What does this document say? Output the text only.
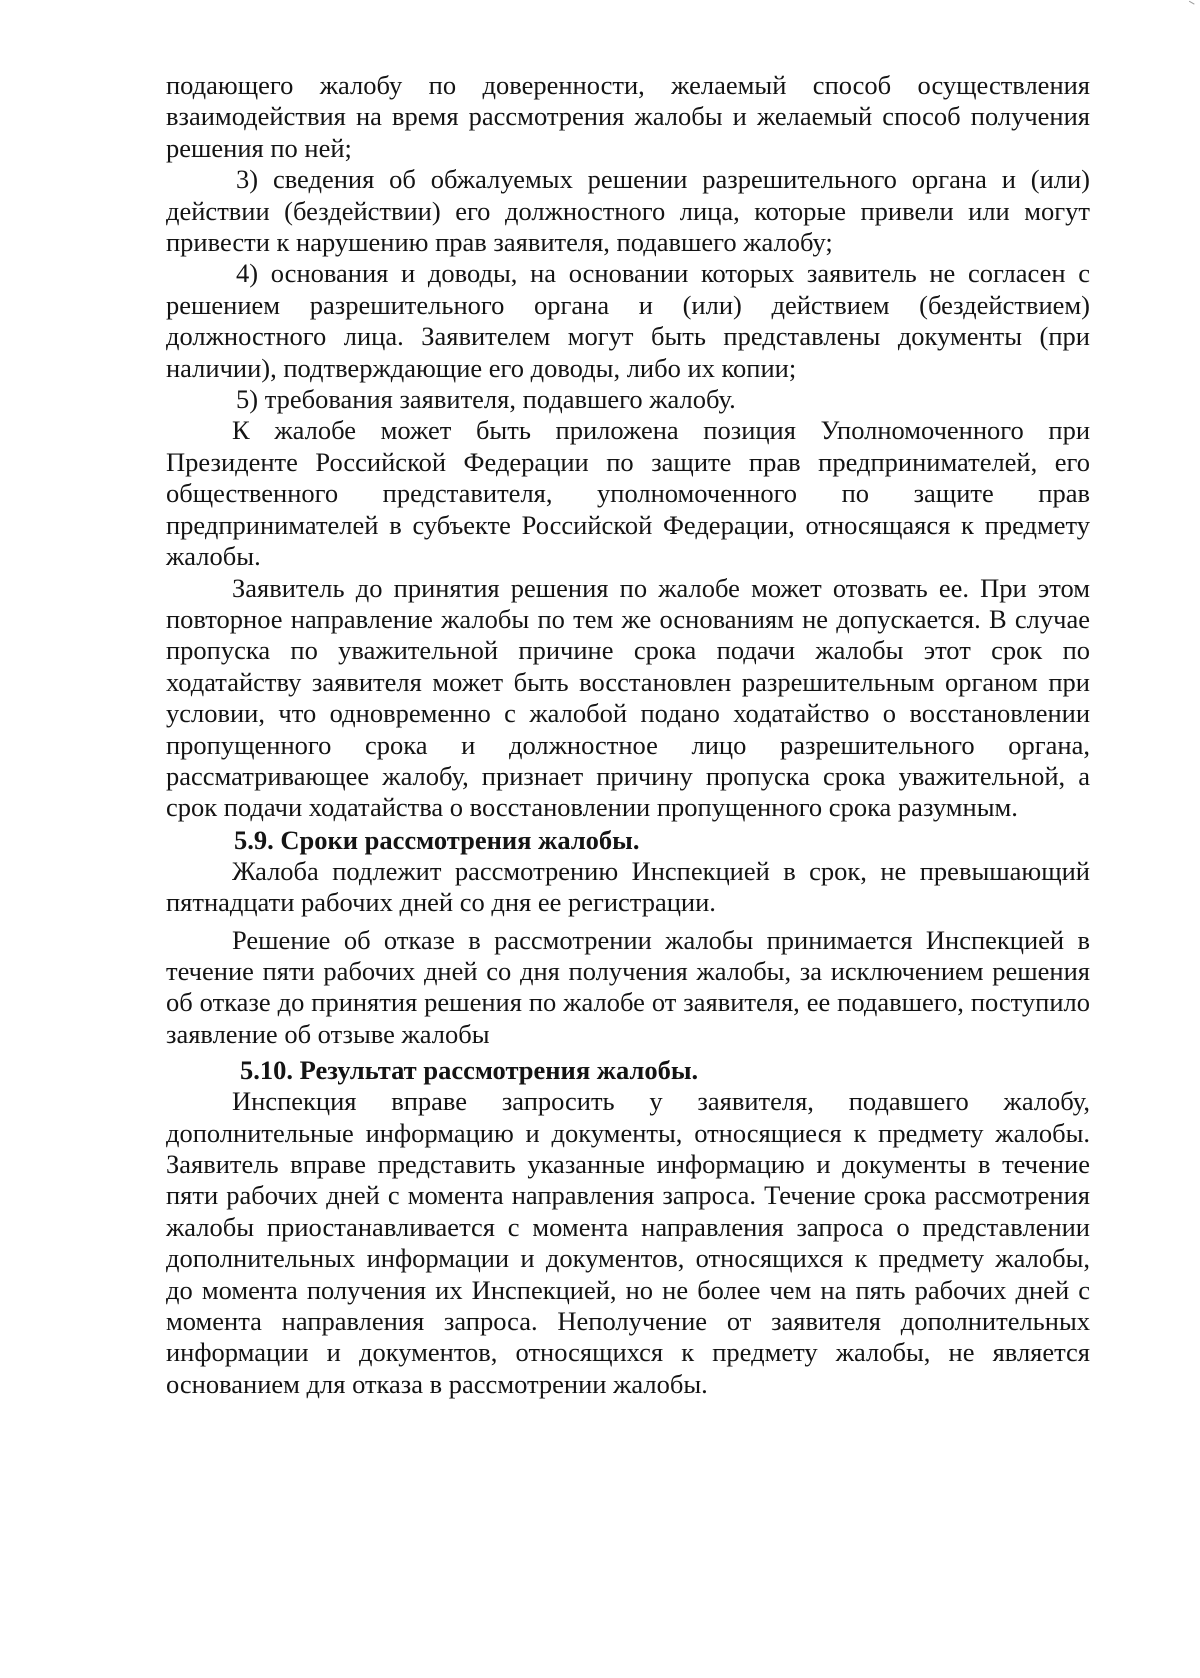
подающего жалобу по доверенности, желаемый способ осуществления взаимодействия на время рассмотрения жалобы и желаемый способ получения решения по ней;

3) сведения об обжалуемых решении разрешительного органа и (или) действии (бездействии) его должностного лица, которые привели или могут привести к нарушению прав заявителя, подавшего жалобу;

4) основания и доводы, на основании которых заявитель не согласен с решением разрешительного органа и (или) действием (бездействием) должностного лица. Заявителем могут быть представлены документы (при наличии), подтверждающие его доводы, либо их копии;

5) требования заявителя, подавшего жалобу.

К жалобе может быть приложена позиция Уполномоченного при Президенте Российской Федерации по защите прав предпринимателей, его общественного представителя, уполномоченного по защите прав предпринимателей в субъекте Российской Федерации, относящаяся к предмету жалобы.

Заявитель до принятия решения по жалобе может отозвать ее. При этом повторное направление жалобы по тем же основаниям не допускается. В случае пропуска по уважительной причине срока подачи жалобы этот срок по ходатайству заявителя может быть восстановлен разрешительным органом при условии, что одновременно с жалобой подано ходатайство о восстановлении пропущенного срока и должностное лицо разрешительного органа, рассматривающее жалобу, признает причину пропуска срока уважительной, а срок подачи ходатайства о восстановлении пропущенного срока разумным.

5.9. Сроки рассмотрения жалобы.

Жалоба подлежит рассмотрению Инспекцией в срок, не превышающий пятнадцати рабочих дней со дня ее регистрации.

Решение об отказе в рассмотрении жалобы принимается Инспекцией в течение пяти рабочих дней со дня получения жалобы, за исключением решения об отказе до принятия решения по жалобе от заявителя, ее подавшего, поступило заявление об отзыве жалобы

5.10. Результат рассмотрения жалобы.

Инспекция вправе запросить у заявителя, подавшего жалобу, дополнительные информацию и документы, относящиеся к предмету жалобы. Заявитель вправе представить указанные информацию и документы в течение пяти рабочих дней с момента направления запроса. Течение срока рассмотрения жалобы приостанавливается с момента направления запроса о представлении дополнительных информации и документов, относящихся к предмету жалобы, до момента получения их Инспекцией, но не более чем на пять рабочих дней с момента направления запроса. Неполучение от заявителя дополнительных информации и документов, относящихся к предмету жалобы, не является основанием для отказа в рассмотрении жалобы.
